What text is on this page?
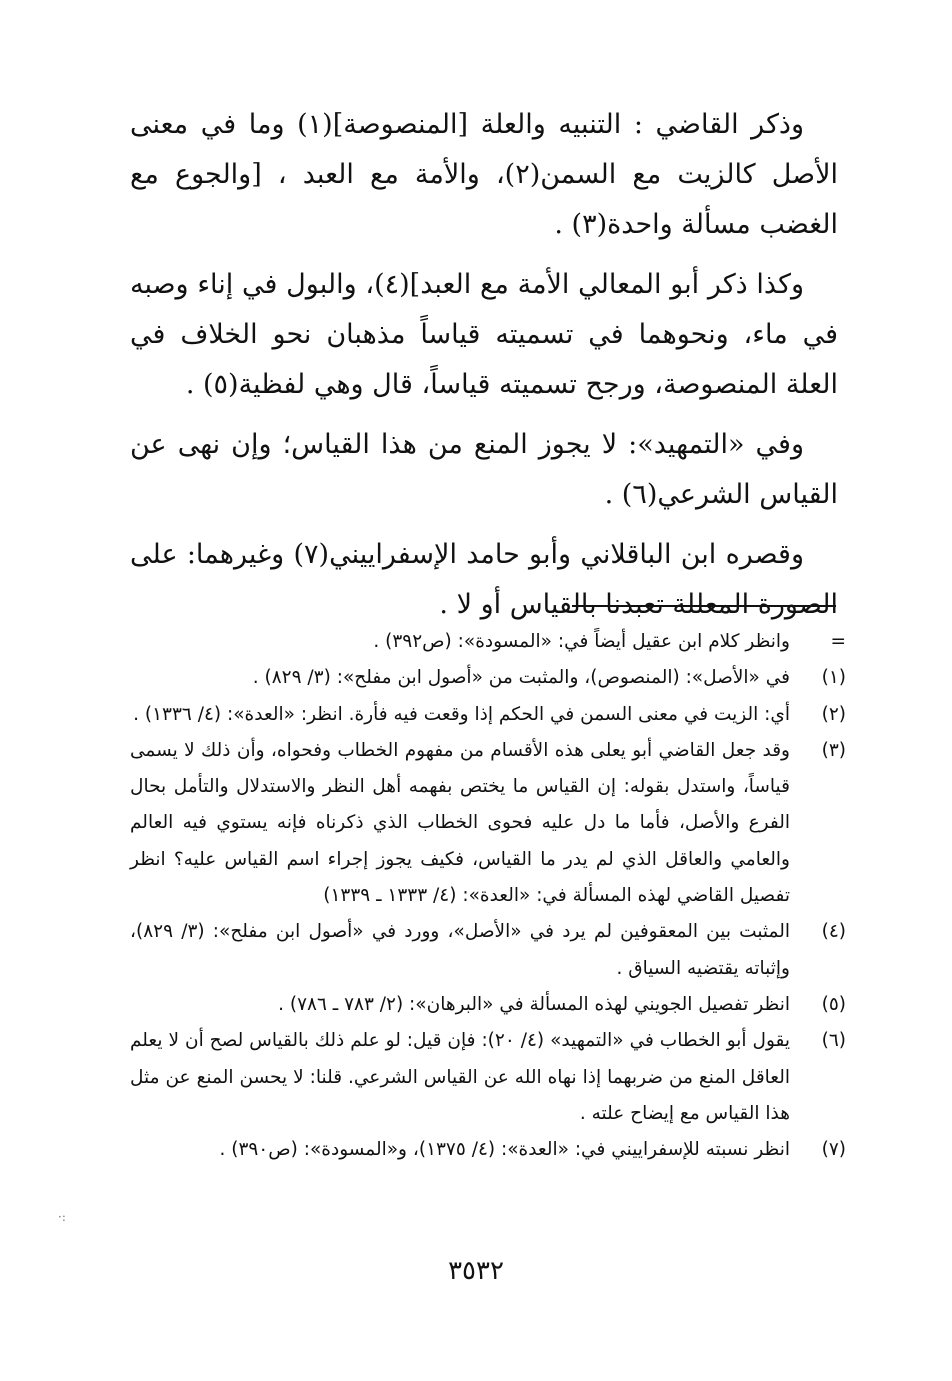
وذكر القاضي : التنبيه والعلة [المنصوصة](١) وما في معنى الأصل كالزيت مع السمن(٢)، والأمة مع العبد ، [والجوع مع الغضب مسألة واحدة(٣) .

وكذا ذكر أبو المعالي الأمة مع العبد](٤)، والبول في إناء وصبه في ماء، ونحوهما في تسميته قياساً مذهبان نحو الخلاف في العلة المنصوصة، ورجح تسميته قياساً، قال وهي لفظية(٥) .

وفي «التمهيد»: لا يجوز المنع من هذا القياس؛ وإن نهى عن القياس الشرعي(٦) .

وقصره ابن الباقلاني وأبو حامد الإسفراييني(٧) وغيرهما: على الصورة المعللة تعبدنا بالقياس أو لا .

=
وانظر كلام ابن عقيل أيضاً في: «المسودة»: (ص٣٩٢) .
(١)
في «الأصل»: (المنصوص)، والمثبت من «أصول ابن مفلح»: (٣/ ٨٢٩) .
(٢)
أي: الزيت في معنى السمن في الحكم إذا وقعت فيه فأرة. انظر: «العدة»: (٤/ ١٣٣٦) .
(٣)
وقد جعل القاضي أبو يعلى هذه الأقسام من مفهوم الخطاب وفحواه، وأن ذلك لا يسمى قياساً، واستدل بقوله: إن القياس ما يختص بفهمه أهل النظر والاستدلال والتأمل بحال الفرع والأصل، فأما ما دل عليه فحوى الخطاب الذي ذكرناه فإنه يستوي فيه العالم والعامي والعاقل الذي لم يدر ما القياس، فكيف يجوز إجراء اسم القياس عليه؟ انظر تفصيل القاضي لهذه المسألة في: «العدة»: (٤/ ١٣٣٣ ـ ١٣٣٩)
(٤)
المثبت بين المعقوفين لم يرد في «الأصل»، وورد في «أصول ابن مفلح»: (٣/ ٨٢٩)، وإثباته يقتضيه السياق .
(٥)
انظر تفصيل الجويني لهذه المسألة في «البرهان»: (٢/ ٧٨٣ ـ ٧٨٦) .
(٦)
يقول أبو الخطاب في «التمهيد» (٤/ ٢٠): فإن قيل: لو علم ذلك بالقياس لصح أن لا يعلم العاقل المنع من ضربهما إذا نهاه الله عن القياس الشرعي. قلنا: لا يحسن المنع عن مثل هذا القياس مع إيضاح علته .
(٧)
انظر نسبته للإسفراييني في: «العدة»: (٤/ ١٣٧٥)، و«المسودة»: (ص٣٩٠) .
٣٥٣٢
·:
